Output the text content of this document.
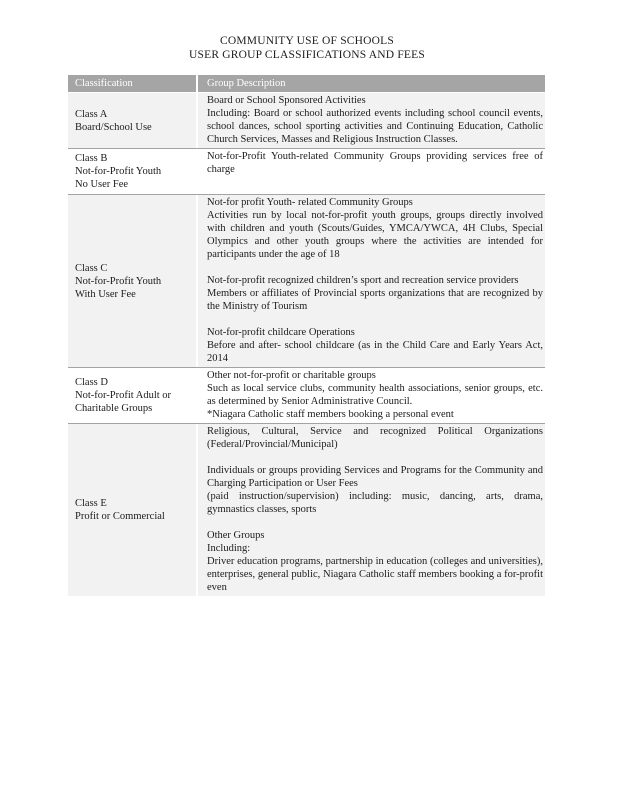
COMMUNITY USE OF SCHOOLS
USER GROUP CLASSIFICATIONS AND FEES
Classification	Group Description
Class A
Board/School Use
Board or School Sponsored Activities
Including: Board or school authorized events including school council events, school dances, school sporting activities and Continuing Education, Catholic Church Services, Masses and Religious Instruction Classes.
Class B
Not-for-Profit Youth
No User Fee
Not-for-Profit Youth-related Community Groups providing services free of charge
Class C
Not-for-Profit Youth
With User Fee
Not-for profit Youth- related Community Groups
Activities run by local not-for-profit youth groups, groups directly involved with children and youth (Scouts/Guides, YMCA/YWCA, 4H Clubs, Special Olympics and other youth groups where the activities are intended for participants under the age of 18
Not-for-profit recognized children’s sport and recreation service providers
Members or affiliates of Provincial sports organizations that are recognized by the Ministry of Tourism
Not-for-profit childcare Operations
Before and after- school childcare (as in the Child Care and Early Years Act, 2014
Class D
Not-for-Profit Adult or
Charitable Groups
Other not-for-profit or charitable groups
Such as local service clubs, community health associations, senior groups, etc. as determined by Senior Administrative Council.
*Niagara Catholic staff members booking a personal event
Class E
Profit or Commercial
Religious, Cultural, Service and recognized Political Organizations (Federal/Provincial/Municipal)
Individuals or groups providing Services and Programs for the Community and Charging Participation or User Fees
(paid instruction/supervision) including: music, dancing, arts, drama, gymnastics classes, sports
Other Groups
Including:
Driver education programs, partnership in education (colleges and universities), enterprises, general public, Niagara Catholic staff members booking a for-profit even
